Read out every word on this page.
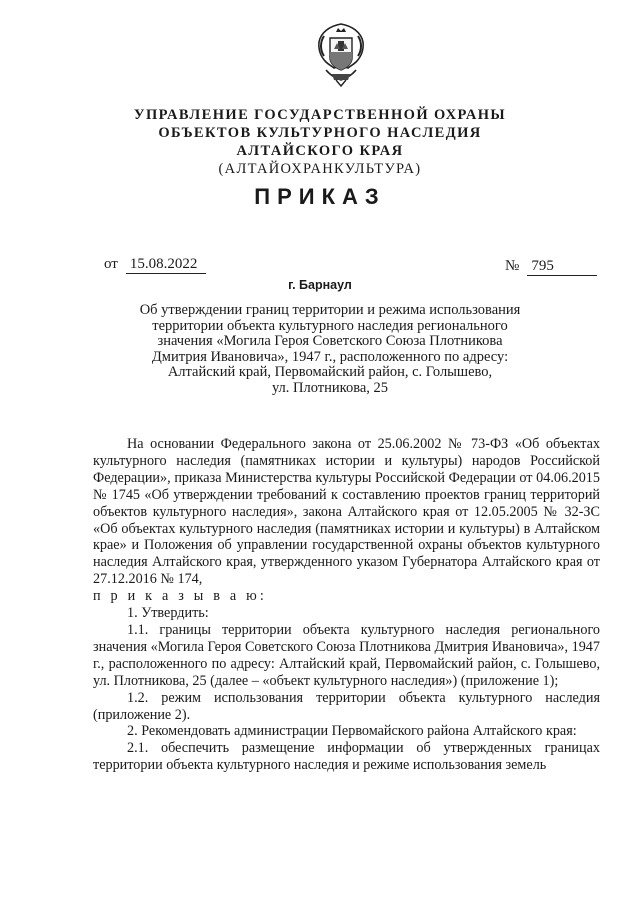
УПРАВЛЕНИЕ ГОСУДАРСТВЕННОЙ ОХРАНЫ
ОБЪЕКТОВ КУЛЬТУРНОГО НАСЛЕДИЯ
АЛТАЙСКОГО КРАЯ
(АЛТАЙОХРАНКУЛЬТУРА)
ПРИКАЗ
от 15.08.2022	№ 795
г. Барнаул
Об утверждении границ территории и режима использования
территории объекта культурного наследия регионального
значения «Могила Героя Советского Союза Плотникова
Дмитрия Ивановича», 1947 г., расположенного по адресу:
Алтайский край, Первомайский район, с. Голышево,
ул. Плотникова, 25

На основании Федерального закона от 25.06.2002 № 73-ФЗ «Об объектах культурного наследия (памятниках истории и культуры) народов Российской Федерации», приказа Министерства культуры Российской Федерации от 04.06.2015 № 1745 «Об утверждении требований к составлению проектов границ территорий объектов культурного наследия», закона Алтайского края от 12.05.2005 № 32-ЗС «Об объектах культурного наследия (памятниках истории и культуры) в Алтайском крае» и Положения об управлении государственной охраны объектов культурного наследия Алтайского края, утвержденного указом Губернатора Алтайского края от 27.12.2016 № 174,

п р и к а з ы в а ю:

1. Утвердить:

1.1. границы территории объекта культурного наследия регионального значения «Могила Героя Советского Союза Плотникова Дмитрия Ивановича», 1947 г., расположенного по адресу: Алтайский край, Первомайский район, с. Голышево, ул. Плотникова, 25 (далее – «объект культурного наследия») (приложение 1);

1.2. режим использования территории объекта культурного наследия (приложение 2).

2. Рекомендовать администрации Первомайского района Алтайского края:

2.1. обеспечить размещение информации об утвержденных границах территории объекта культурного наследия и режиме использования земель
